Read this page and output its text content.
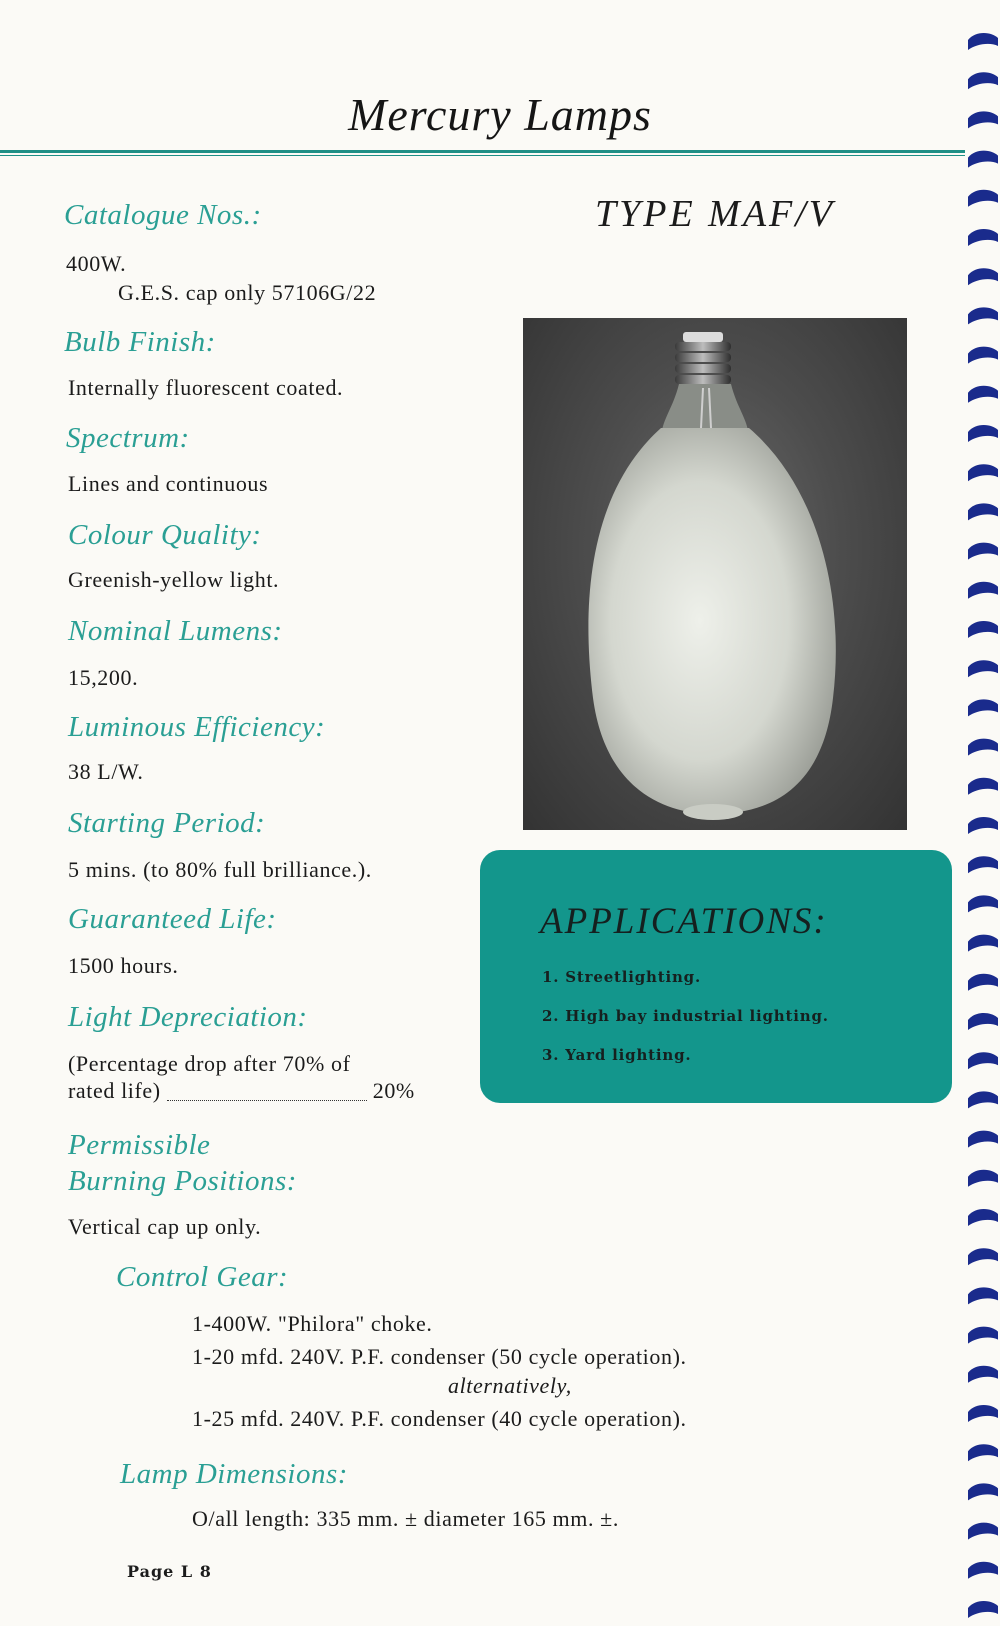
Mercury Lamps
Catalogue Nos.:
400W.
G.E.S. cap only 57106G/22
Bulb Finish:
Internally fluorescent coated.
Spectrum:
Lines and continuous
Colour Quality:
Greenish-yellow light.
Nominal Lumens:
15,200.
Luminous Efficiency:
38 L/W.
Starting Period:
5 mins. (to 80% full brilliance.).
Guaranteed Life:
1500 hours.
Light Depreciation:
(Percentage drop after 70% of
rated life)	20%
Permissible
Burning Positions:
Vertical cap up only.
Control Gear:
1-400W. "Philora" choke.
1-20 mfd. 240V. P.F. condenser (50 cycle operation).
alternatively,
1-25 mfd. 240V. P.F. condenser (40 cycle operation).
Lamp Dimensions:
O/all length: 335 mm. ± diameter 165 mm. ±.
Page L 8
TYPE MAF/V
APPLICATIONS:
1. Streetlighting.
2. High bay industrial lighting.
3. Yard lighting.
